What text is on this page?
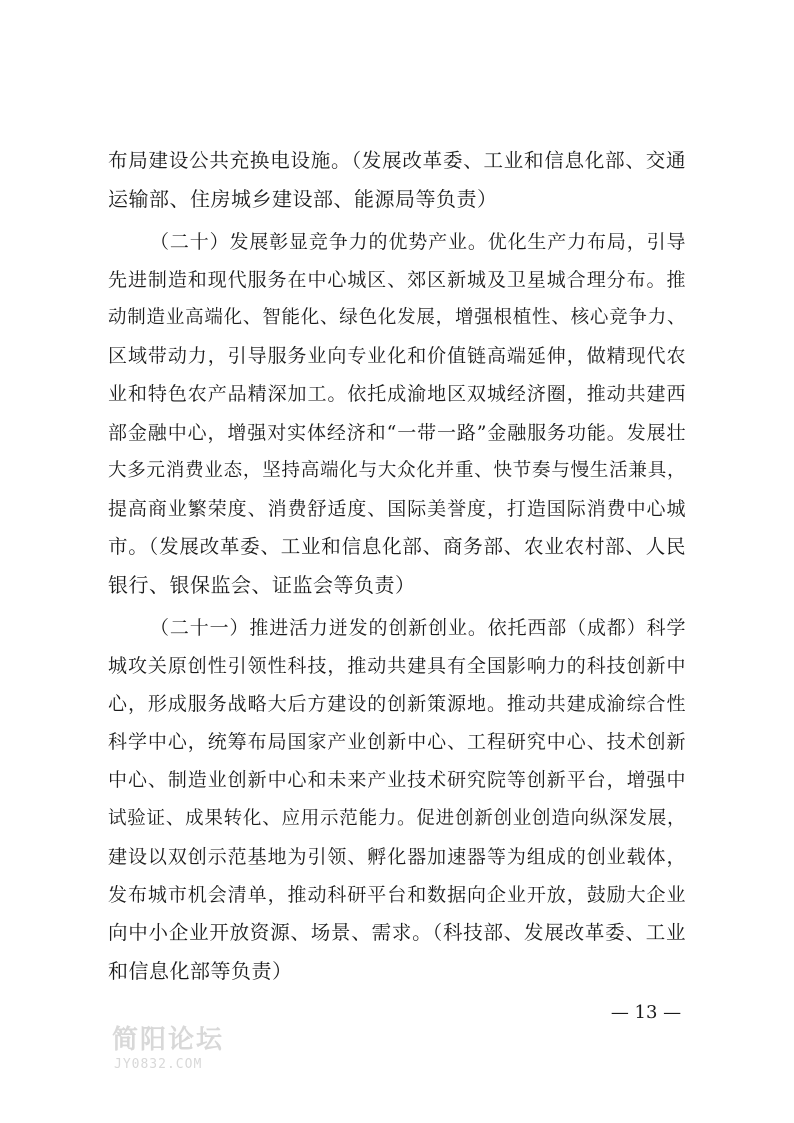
布局建设公共充换电设施。（发展改革委、工业和信息化部、交通
运输部、住房城乡建设部、能源局等负责）
（二十）发展彰显竞争力的优势产业。优化生产力布局，引导
先进制造和现代服务在中心城区、郊区新城及卫星城合理分布。推
动制造业高端化、智能化、绿色化发展，增强根植性、核心竞争力、
区域带动力，引导服务业向专业化和价值链高端延伸，做精现代农
业和特色农产品精深加工。依托成渝地区双城经济圈，推动共建西
部金融中心，增强对实体经济和“一带一路”金融服务功能。发展壮
大多元消费业态，坚持高端化与大众化并重、快节奏与慢生活兼具，
提高商业繁荣度、消费舒适度、国际美誉度，打造国际消费中心城
市。（发展改革委、工业和信息化部、商务部、农业农村部、人民
银行、银保监会、证监会等负责）
（二十一）推进活力迸发的创新创业。依托西部（成都）科学
城攻关原创性引领性科技，推动共建具有全国影响力的科技创新中
心，形成服务战略大后方建设的创新策源地。推动共建成渝综合性
科学中心，统筹布局国家产业创新中心、工程研究中心、技术创新
中心、制造业创新中心和未来产业技术研究院等创新平台，增强中
试验证、成果转化、应用示范能力。促进创新创业创造向纵深发展，
建设以双创示范基地为引领、孵化器加速器等为组成的创业载体，
发布城市机会清单，推动科研平台和数据向企业开放，鼓励大企业
向中小企业开放资源、场景、需求。（科技部、发展改革委、工业
和信息化部等负责）
— 13 —
简阳论坛
JY0832.COM
